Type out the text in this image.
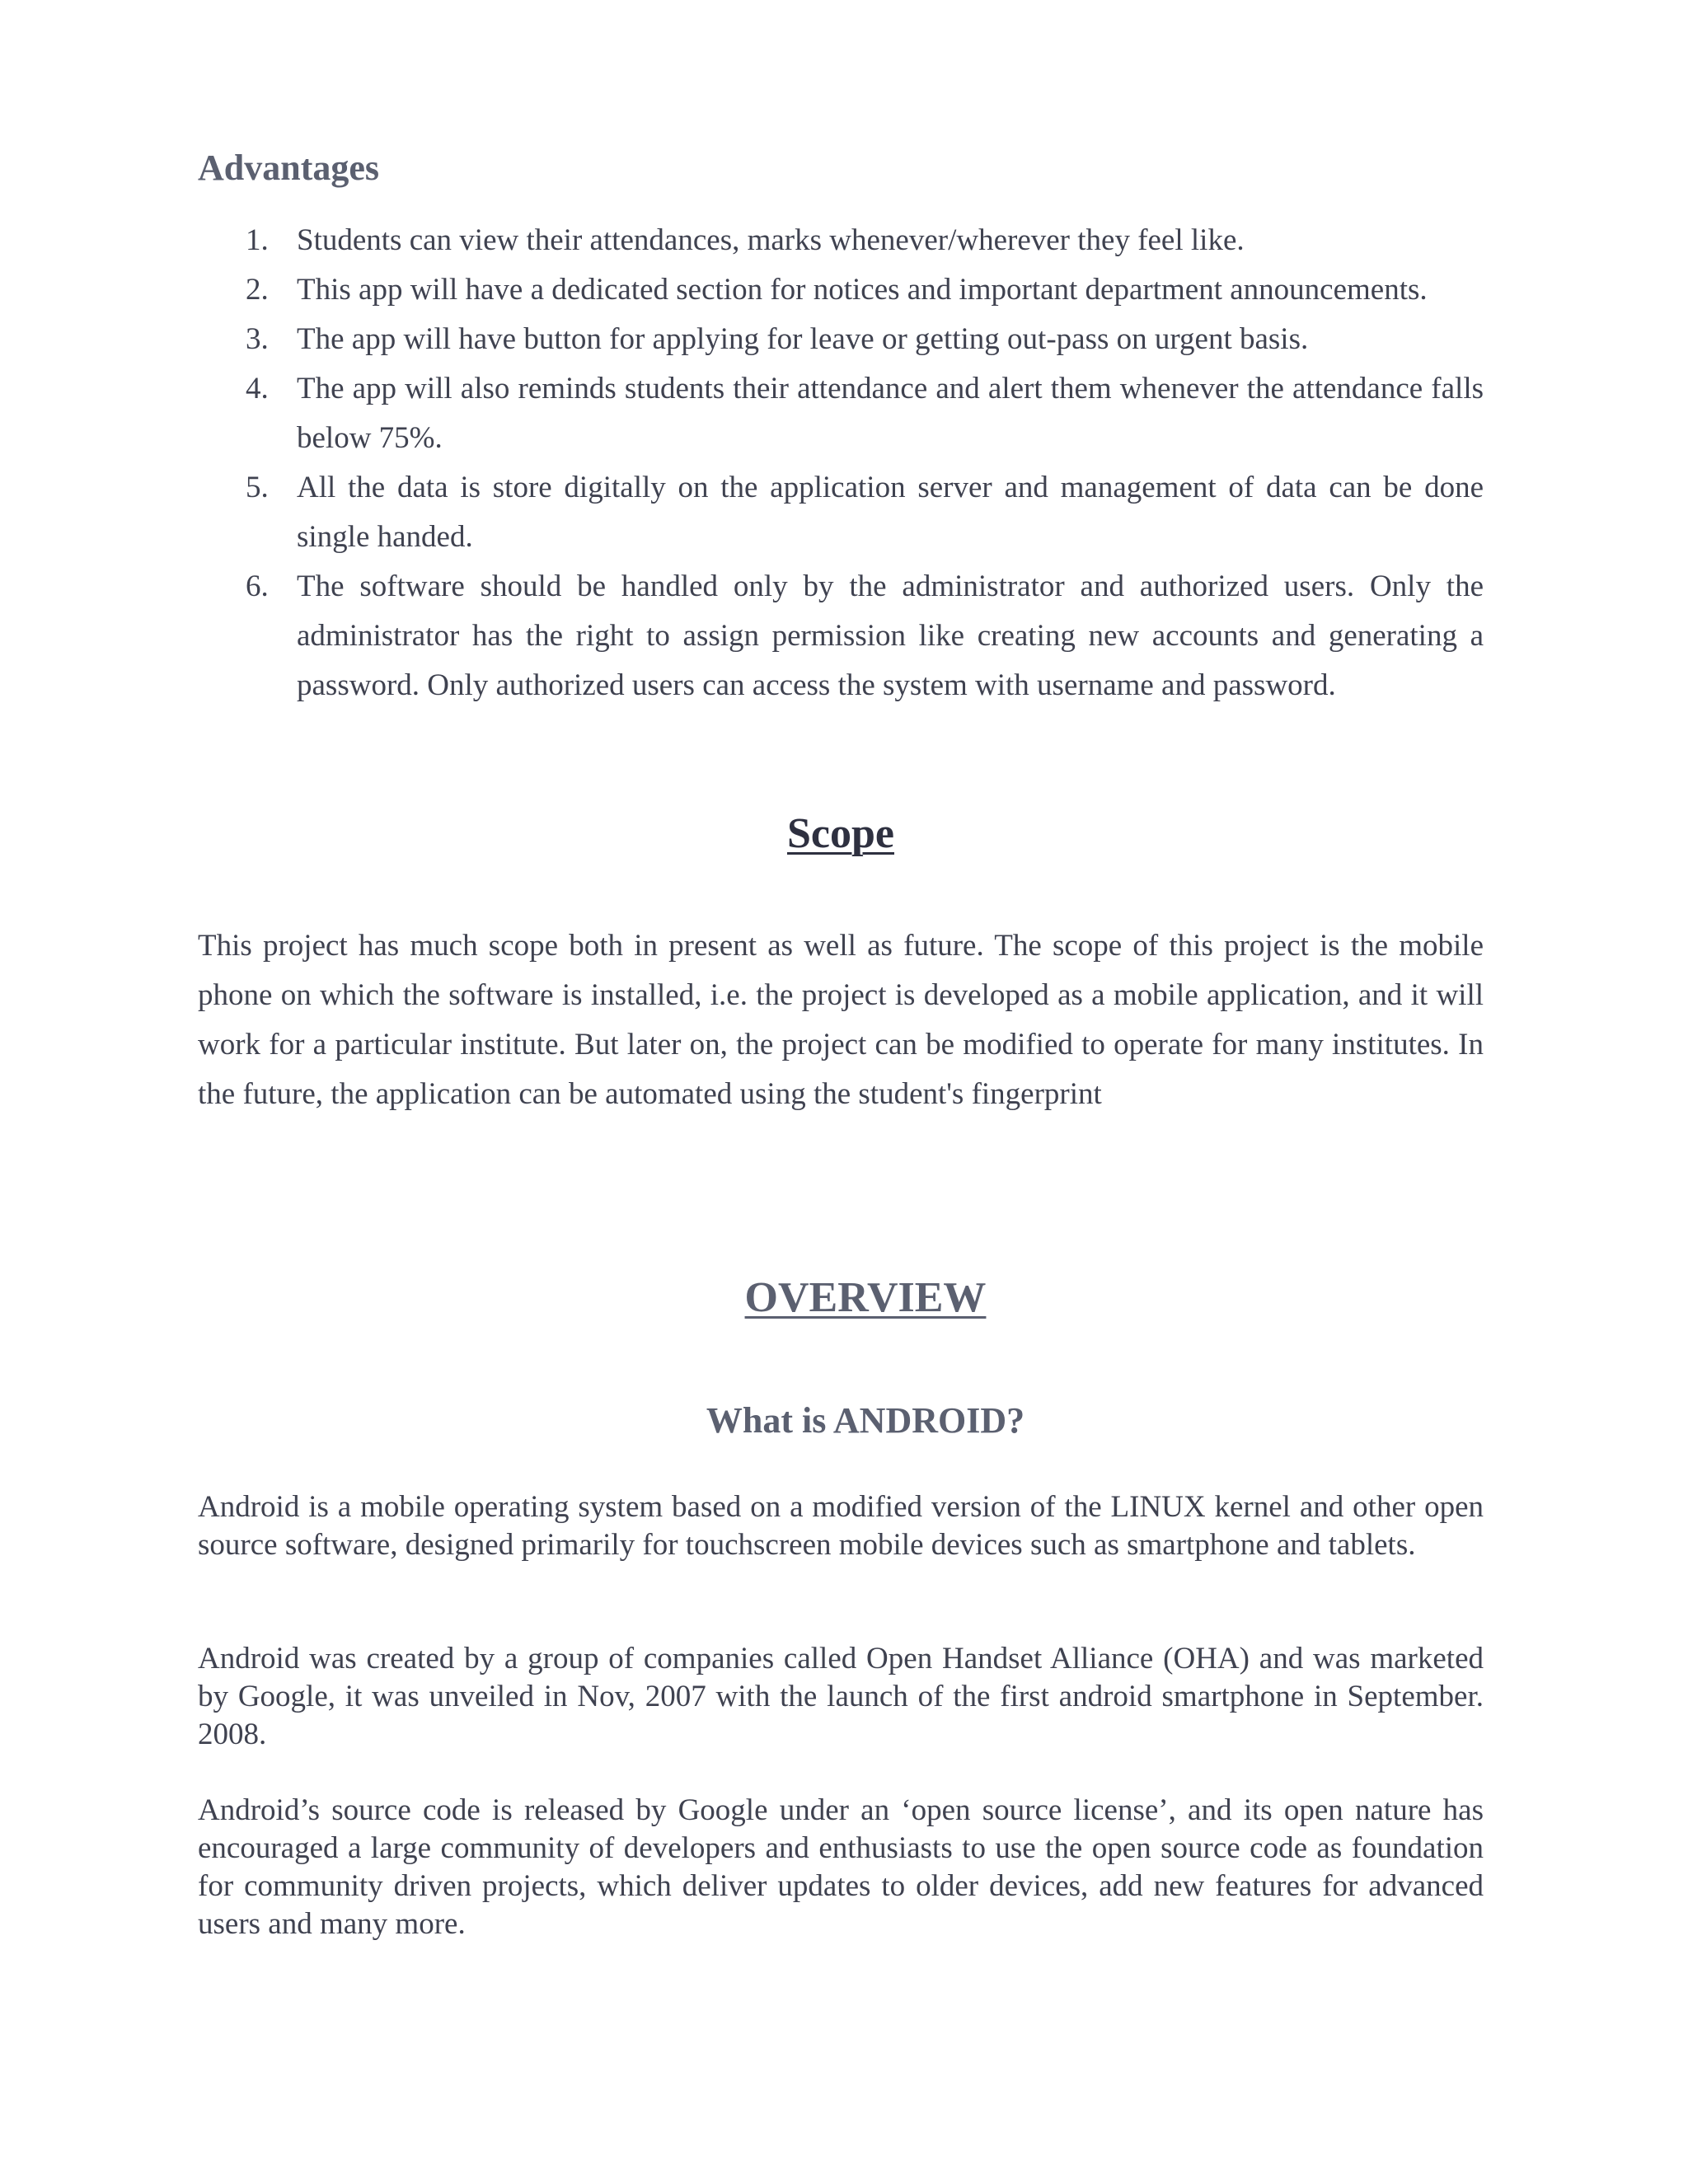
Advantages
1. Students can view their attendances, marks whenever/wherever they feel like.
2. This app will have a dedicated section for notices and important department announcements.
3. The app will have button for applying for leave or getting out-pass on urgent basis.
4. The app will also reminds students their attendance and alert them whenever the attendance falls below 75%.
5. All the data is store digitally on the application server and management of data can be done single handed.
6. The software should be handled only by the administrator and authorized users. Only the administrator has the right to assign permission like creating new accounts and generating a password. Only authorized users can access the system with username and password.
Scope

This project has much scope both in present as well as future. The scope of this project is the mobile phone on which the software is installed, i.e. the project is developed as a mobile application, and it will work for a particular institute. But later on, the project can be modified to operate for many institutes. In the future, the application can be automated using the student's fingerprint

OVERVIEW
What is ANDROID?

Android is a mobile operating system based on a modified version of the LINUX kernel and other open source software, designed primarily for touchscreen mobile devices such as smartphone and tablets.

Android was created by a group of companies called Open Handset Alliance (OHA) and was marketed by Google, it was unveiled in Nov, 2007 with the launch of the first android smartphone in September. 2008.

Android’s source code is released by Google under an ‘open source license’, and its open nature has encouraged a large community of developers and enthusiasts to use the open source code as foundation for community driven projects, which deliver updates to older devices, add new features for advanced users and many more.
